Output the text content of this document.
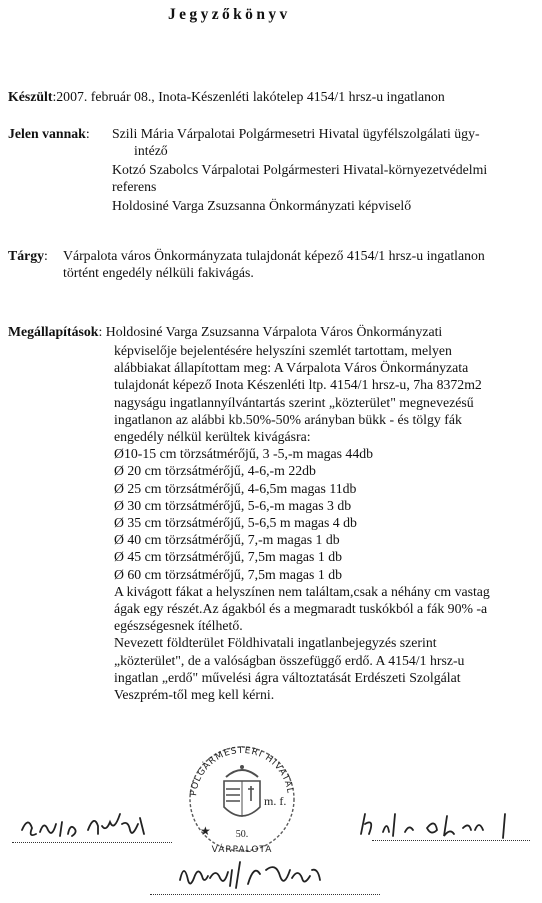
Jegyzőkönyv
Készült:2007. február 08., Inota-Készenléti lakótelep 4154/1 hrsz-u ingatlanon
Jelen vannak: Szili Mária Várpalotai Polgármesetri Hivatal ügyfélszolgálati ügy-
intéző
Kotzó Szabolcs Várpalotai Polgármesteri Hivatal-környezetvédelmi
referens
Holdosiné Varga Zsuzsanna Önkormányzati képviselő
Tárgy: Várpalota város Önkormányzata tulajdonát képező 4154/1 hrsz-u ingatlanon
történt engedély nélküli fakivágás.
Megállapítások: Holdosiné Varga Zsuzsanna Várpalota Város Önkormányzati
képviselője bejelentésére helyszíni szemlét tartottam, melyen
alábbiakat állapítottam meg: A Várpalota Város Önkormányzata
tulajdonát képező Inota Készenléti ltp. 4154/1 hrsz-u, 7ha 8372m2
nagyságu ingatlannyílvántartás szerint „közterület" megnevezésű
ingatlanon az alábbi kb.50%-50% arányban bükk - és tölgy fák
engedély nélkül kerültek kivágásra:
Ø10-15 cm törzsátmérőjű, 3 -5,-m magas 44db
Ø 20 cm törzsátmérőjű, 4-6,-m 22db
Ø 25 cm törzsátmérőjű, 4-6,5m magas 11db
Ø 30 cm törzsátmérőjű, 5-6,-m magas 3 db
Ø 35 cm törzsátmérőjű, 5-6,5 m magas 4 db
Ø 40 cm törzsátmérőjű, 7,-m magas 1 db
Ø 45 cm törzsátmérőjű, 7,5m magas 1 db
Ø 60 cm törzsátmérőjű, 7,5m magas 1 db
A kivágott fákat a helyszínen nem találtam,csak a néhány cm vastag
ágak egy részét.Az ágakból és a megmaradt tuskókból a fák 90% -a
egészségesnek ítélhető.
Nevezett földterület Földhivatali ingatlanbejegyzés szerint
„közterület", de a valóságban összefüggő erdő. A 4154/1 hrsz-u
ingatlan „erdő" művelési ágra változtatását Erdészeti Szolgálat
Veszprém-től meg kell kérni.
POLGÁRMESTERI HIVATAL
m. f.
50.
VÁRPALOTA
★
